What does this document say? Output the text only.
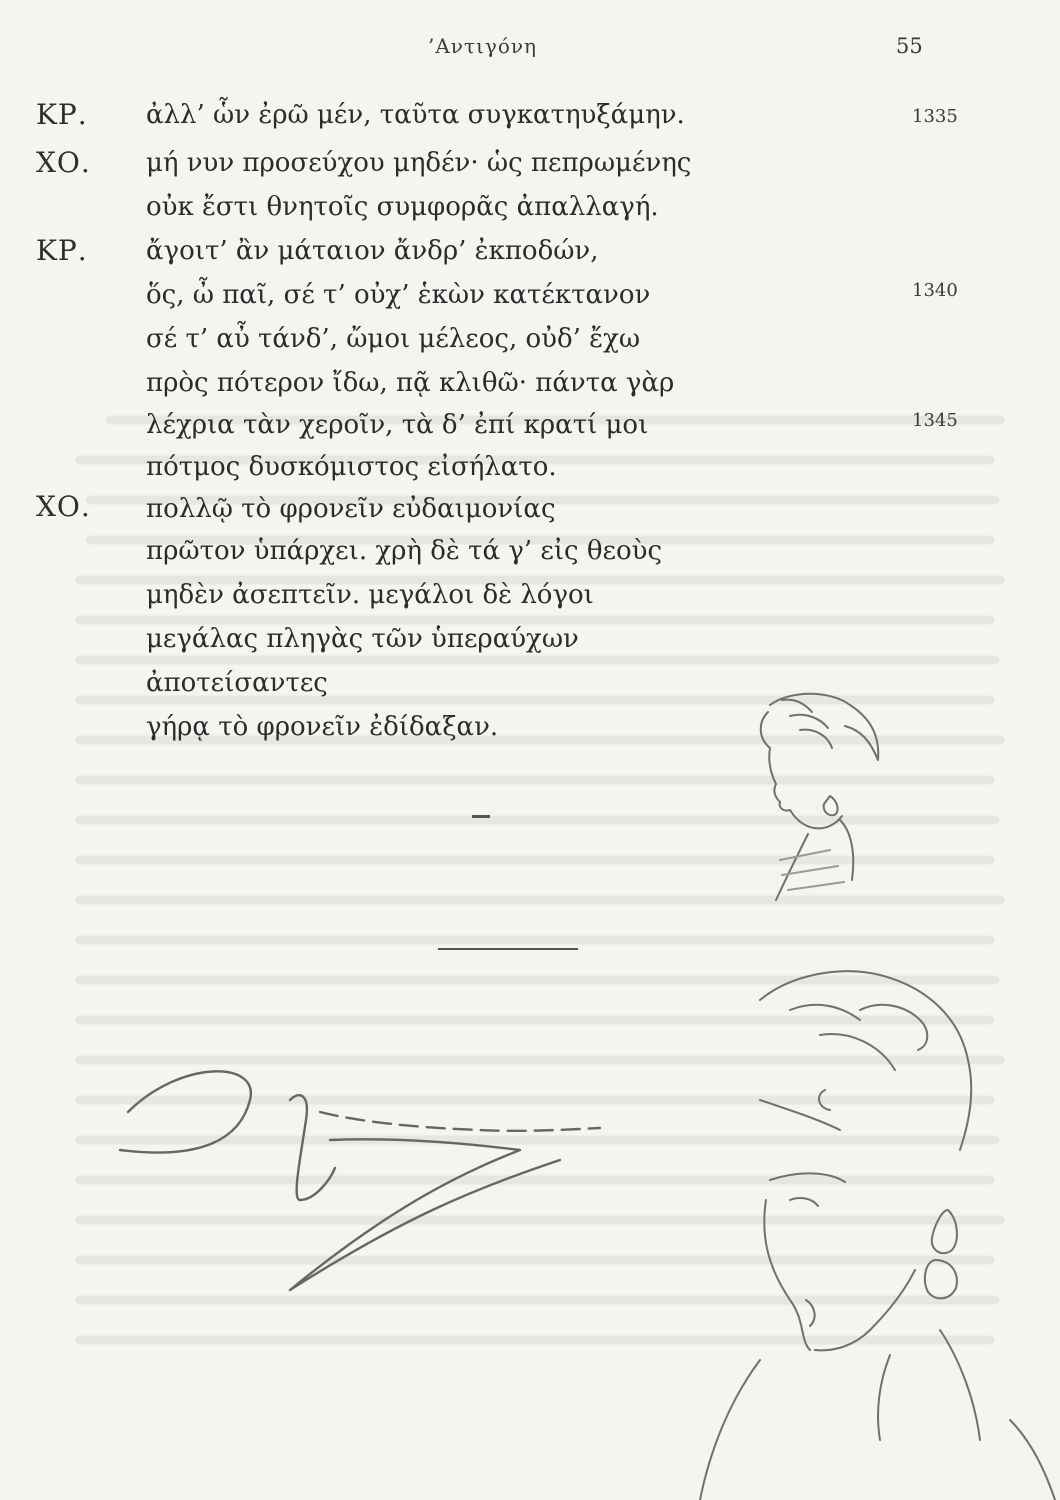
’Αντιγόνη	55
ΚΡ. ἀλλ’ ὧν ἐρῶ μέν, ταῦτα συγκατηυξάμην.	1335
ΧΟ. μή νυν προσεύχου μηδέν· ὡς πεπρωμένης
οὐκ ἔστι θνητοῖς συμφορᾶς ἀπαλλαγή.
ΚΡ. ἄγοιτ’ ἂν μάταιον ἄνδρ’ ἐκποδών,
ὅς, ὦ παῖ, σέ τ’ οὐχ’ ἑκὼν κατέκτανον	1340
σέ τ’ αὖ τάνδ’, ὤμοι μέλεος, οὐδ’ ἔχω
πρὸς πότερον ἴδω, πᾷ κλιθῶ· πάντα γὰρ
λέχρια τὰν χεροῖν, τὰ δ’ ἐπί κρατί μοι	1345
πότμος δυσκόμιστος εἰσήλατο.
ΧΟ. πολλῷ τὸ φρονεῖν εὐδαιμονίας
πρῶτον ὑπάρχει. χρὴ δὲ τά γ’ εἰς θεοὺς
μηδὲν ἀσεπτεῖν. μεγάλοι δὲ λόγοι
μεγάλας πληγὰς τῶν ὑπεραύχων
ἀποτείσαντες
γήρᾳ τὸ φρονεῖν ἐδίδαξαν.
